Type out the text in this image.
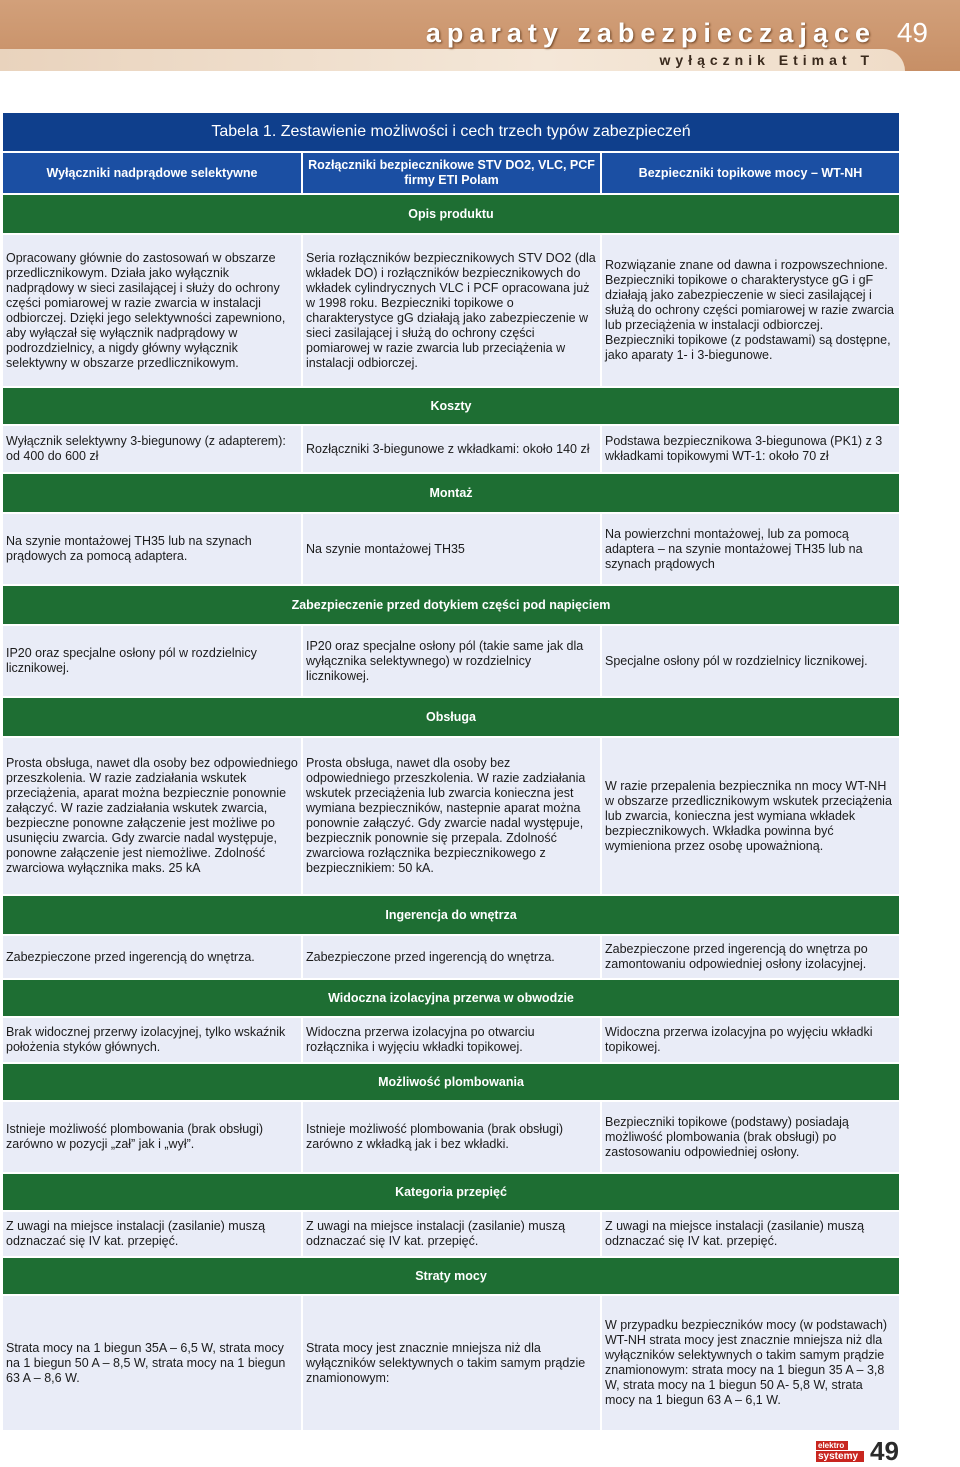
aparaty zabezpieczające
wyłącznik Etimat T
49
Tabela 1. Zestawienie możliwości i cech trzech typów zabezpieczeń
Wyłączniki nadprądowe selektywne
Rozłączniki bezpiecznikowe STV DO2, VLC, PCF firmy ETI Polam
Bezpieczniki topikowe mocy – WT-NH
Opis produktu
Opracowany głównie do zastosowań w obszarze przedlicznikowym. Działa jako wyłącznik nadprądowy w sieci zasilającej i służy do ochrony części pomiarowej w razie zwarcia w instalacji odbiorczej. Dzięki jego selektywności zapewniono, aby wyłączał się wyłącznik nadprądowy w podrozdzielnicy, a nigdy główny wyłącznik selektywny w obszarze przedlicznikowym.
Seria rozłączników bezpiecznikowych STV DO2 (dla wkładek DO) i rozłączników bezpiecznikowych do wkładek cylindrycznych VLC i PCF opracowana już w 1998 roku. Bezpieczniki topikowe o charakterystyce gG działają jako zabezpieczenie w sieci zasilającej i służą do ochrony części pomiarowej w razie zwarcia lub przeciążenia w instalacji odbiorczej.
Rozwiązanie znane od dawna i rozpowszechnione. Bezpieczniki topikowe o charakterystyce gG i gF działają jako zabezpieczenie w sieci zasilającej i służą do ochrony części pomiarowej w razie zwarcia lub przeciążenia w instalacji odbiorczej. Bezpieczniki topikowe (z podstawami) są dostępne, jako aparaty 1- i 3-biegunowe.
Koszty
Wyłącznik selektywny 3-biegunowy (z adapterem): od 400 do 600 zł
Rozłączniki 3-biegunowe z wkładkami: około 140 zł
Podstawa bezpiecznikowa 3-biegunowa (PK1) z 3 wkładkami topikowymi WT-1: około 70 zł
Montaż
Na szynie montażowej TH35 lub na szynach prądowych za pomocą adaptera.
Na szynie montażowej TH35
Na powierzchni montażowej, lub za pomocą adaptera – na szynie montażowej TH35 lub na szynach prądowych
Zabezpieczenie przed dotykiem części pod napięciem
IP20 oraz specjalne osłony pól w rozdzielnicy licznikowej.
IP20 oraz specjalne osłony pól (takie same jak dla wyłącznika selektywnego) w rozdzielnicy licznikowej.
Specjalne osłony pól w rozdzielnicy licznikowej.
Obsługa
Prosta obsługa, nawet dla osoby bez odpowiedniego przeszkolenia. W razie zadziałania wskutek przeciążenia, aparat można bezpiecznie ponownie załączyć. W razie zadziałania wskutek zwarcia, bezpieczne ponowne załączenie jest możliwe po usunięciu zwarcia. Gdy zwarcie nadal występuje, ponowne załączenie jest niemożliwe. Zdolność zwarciowa wyłącznika maks. 25 kA
Prosta obsługa, nawet dla osoby bez odpowiedniego przeszkolenia. W razie zadziałania wskutek przeciążenia lub zwarcia konieczna jest wymiana bezpieczników, nastepnie aparat można ponownie załączyć. Gdy zwarcie nadal występuje, bezpiecznik ponownie się przepala. Zdolność zwarciowa rozłącznika bezpiecznikowego z bezpiecznikiem: 50 kA.
W razie przepalenia bezpiecznika nn mocy WT-NH w obszarze przedlicznikowym wskutek przeciążenia lub zwarcia, konieczna jest wymiana wkładek bezpiecznikowych. Wkładka powinna być wymieniona przez osobę upoważnioną.
Ingerencja do wnętrza
Zabezpieczone przed ingerencją do wnętrza.	Zabezpieczone przed ingerencją do wnętrza.
Zabezpieczone przed ingerencją do wnętrza po zamontowaniu odpowiedniej osłony izolacyjnej.
Widoczna izolacyjna przerwa w obwodzie
Brak widocznej przerwy izolacyjnej, tylko wskaźnik położenia styków głównych.
Widoczna przerwa izolacyjna po otwarciu rozłącznika i wyjęciu wkładki topikowej.
Widoczna przerwa izolacyjna po wyjęciu wkładki topikowej.
Możliwość plombowania
Istnieje możliwość plombowania (brak obsługi) zarówno w pozycji „zał” jak i „wył”.
Istnieje możliwość plombowania (brak obsługi) zarówno z wkładką jak i bez wkładki.
Bezpieczniki topikowe (podstawy) posiadają możliwość plombowania (brak obsługi) po zastosowaniu odpowiedniej osłony.
Kategoria przepięć
Z uwagi na miejsce instalacji (zasilanie) muszą odznaczać się IV kat. przepięć.
Z uwagi na miejsce instalacji (zasilanie) muszą odznaczać się IV kat. przepięć.
Z uwagi na miejsce instalacji (zasilanie) muszą odznaczać się IV kat. przepięć.
Straty mocy
Strata mocy na 1 biegun 35A – 6,5 W, strata mocy na 1 biegun 50 A – 8,5 W, strata mocy na 1 biegun 63 A – 8,6 W.
Strata mocy jest znacznie mniejsza niż dla wyłączników selektywnych o takim samym prądzie znamionowym:
W przypadku bezpieczników mocy (w podstawach) WT-NH strata mocy jest znacznie mniejsza niż dla wyłączników selektywnych o takim samym prądzie znamionowym: strata mocy na 1 biegun 35 A – 3,8 W, strata mocy na 1 biegun 50 A- 5,8 W, strata mocy na 1 biegun 63 A – 6,1 W.
elektro
systemy 49
